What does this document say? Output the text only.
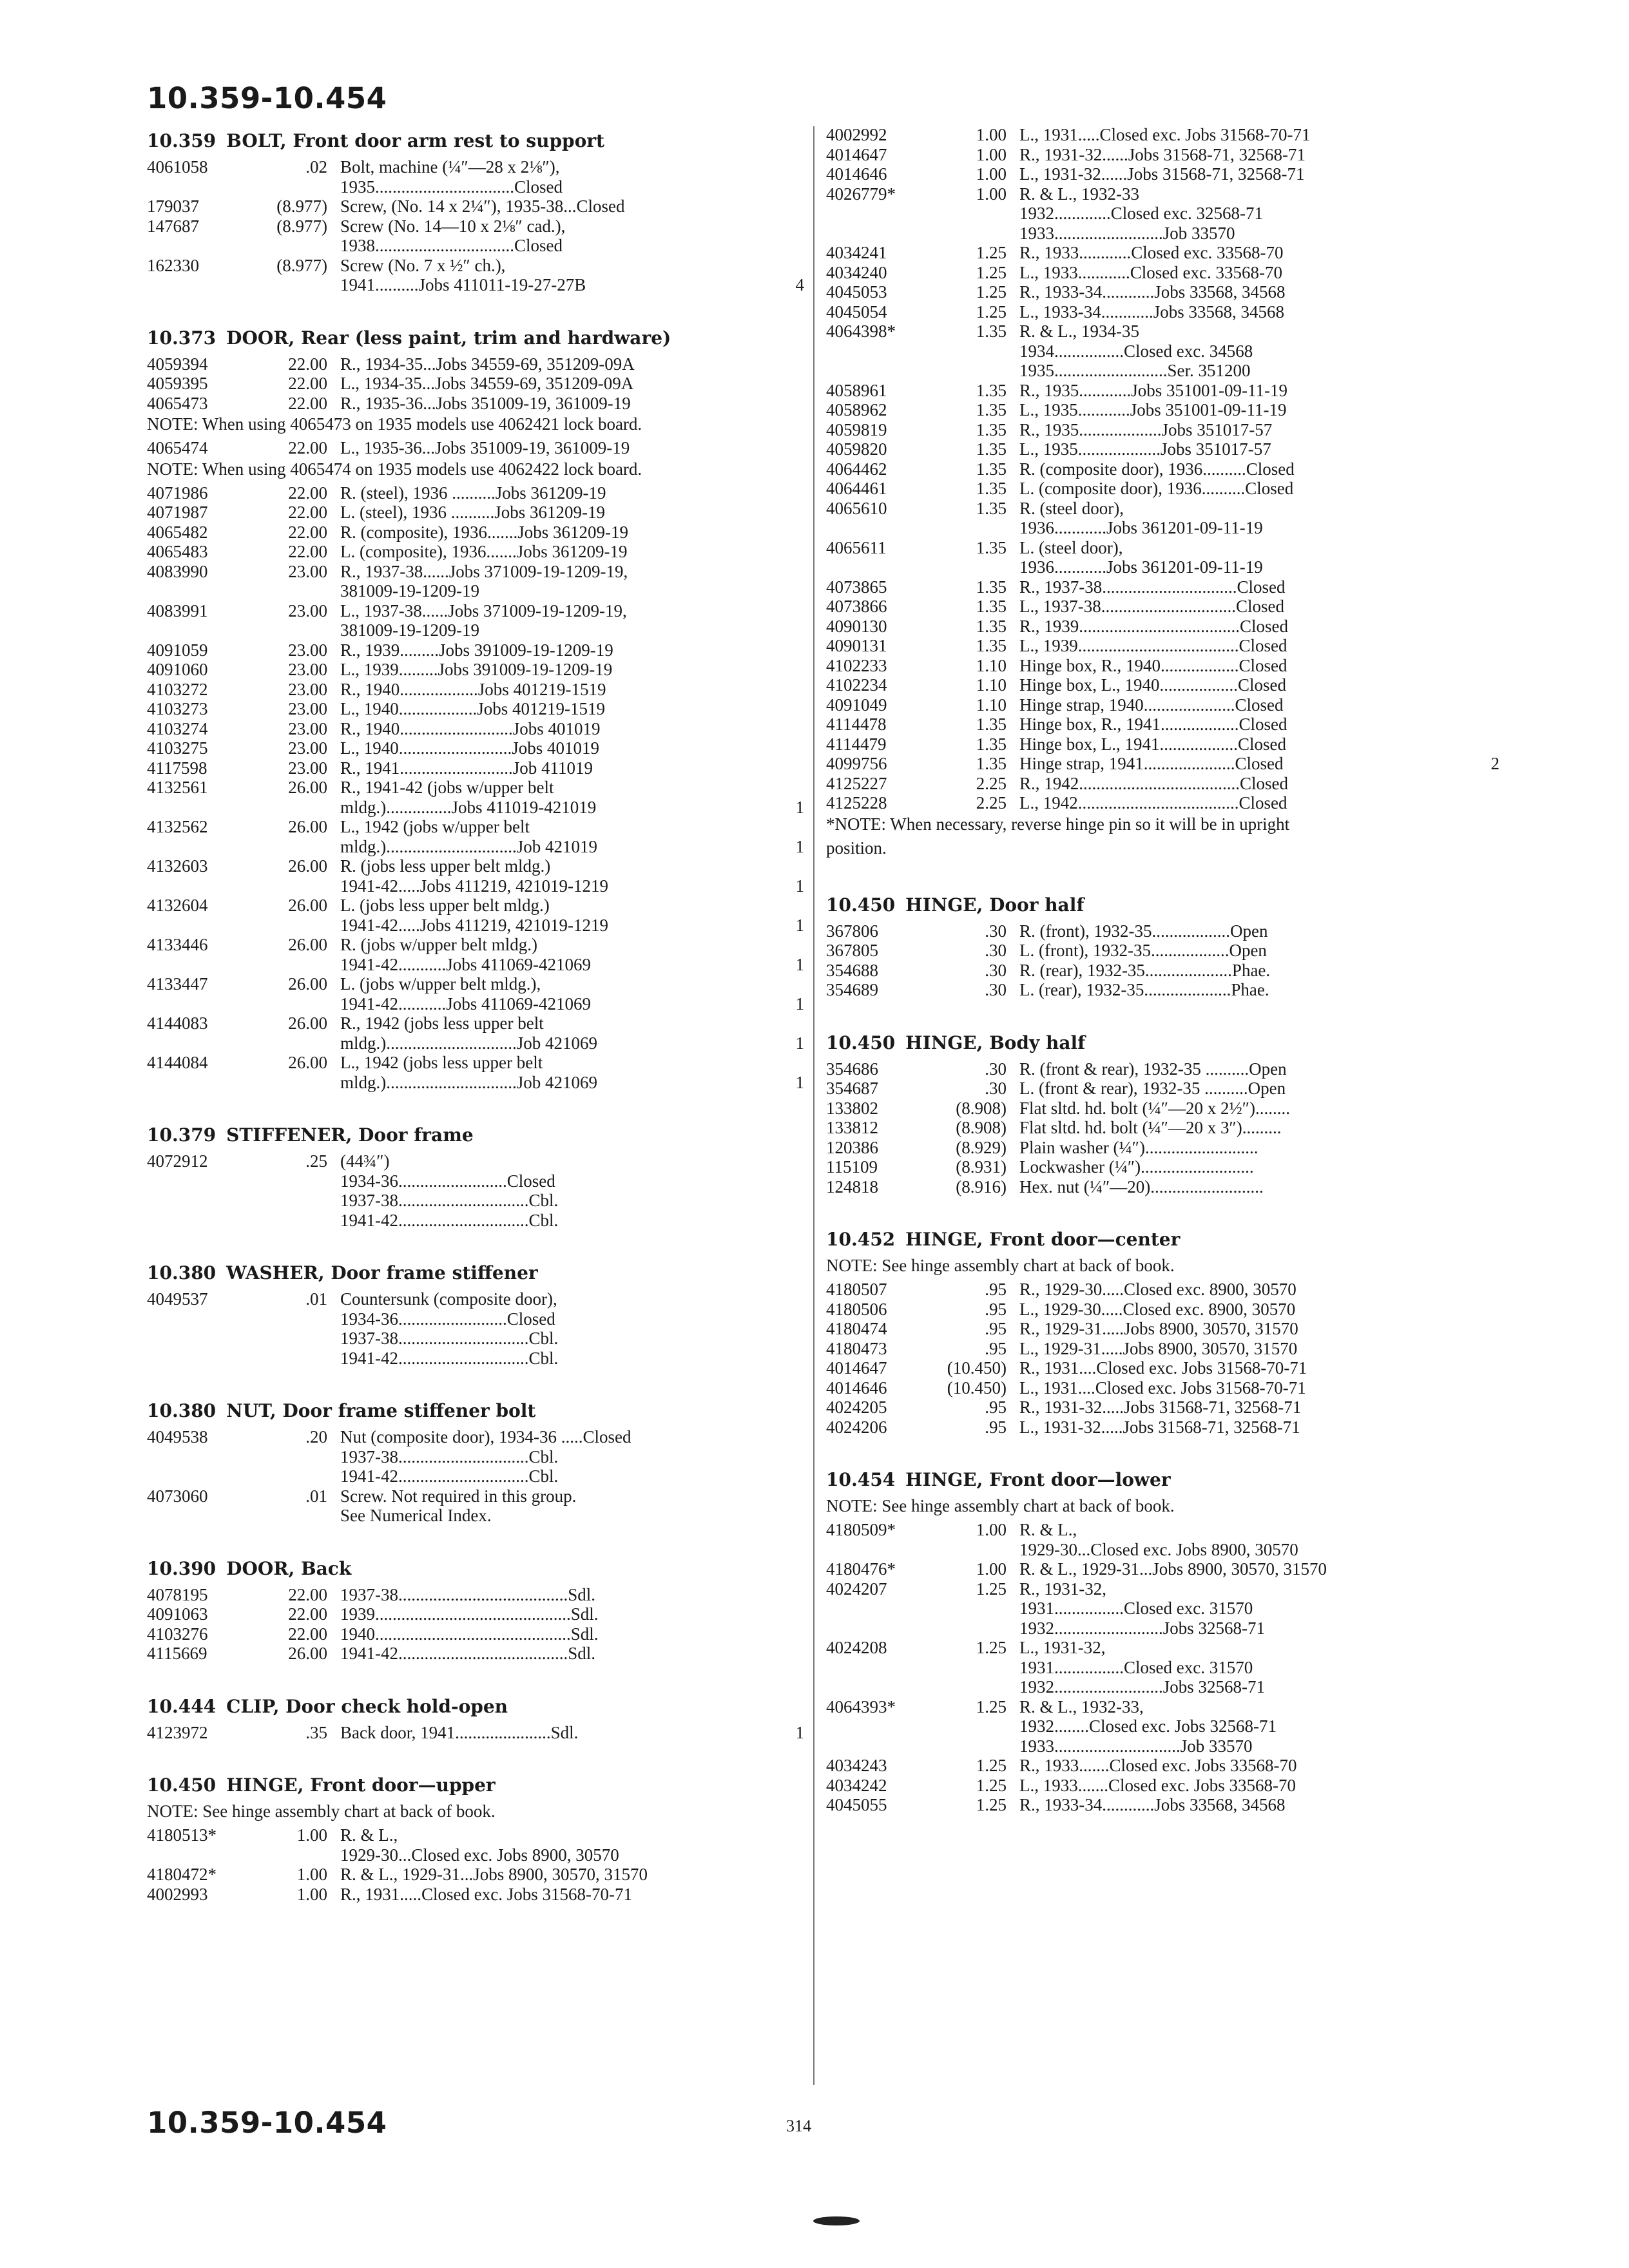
10.359-10.454
10.359 BOLT, Front door arm rest to support
4061058	.02 Bolt, machine (¼″—28 x 2⅛″),
1935................................Closed
179037	(8.977) Screw, (No. 14 x 2¼″), 1935-38...Closed
147687	(8.977) Screw (No. 14—10 x 2⅛″ cad.),
1938................................Closed
162330	(8.977) Screw (No. 7 x ½″ ch.),
1941..........Jobs 411011-19-27-27B	4
10.373 DOOR, Rear (less paint, trim and hardware)
4059394	22.00 R., 1934-35...Jobs 34559-69, 351209-09A
4059395	22.00 L., 1934-35...Jobs 34559-69, 351209-09A
4065473	22.00 R., 1935-36...Jobs 351009-19, 361009-19
NOTE: When using 4065473 on 1935 models use 4062421 lock board.
4065474	22.00 L., 1935-36...Jobs 351009-19, 361009-19
NOTE: When using 4065474 on 1935 models use 4062422 lock board.
4071986	22.00 R. (steel), 1936 ..........Jobs 361209-19
4071987	22.00 L. (steel), 1936 ..........Jobs 361209-19
4065482	22.00 R. (composite), 1936.......Jobs 361209-19
4065483	22.00 L. (composite), 1936.......Jobs 361209-19
4083990	23.00 R., 1937-38......Jobs 371009-19-1209-19,
381009-19-1209-19
4083991	23.00 L., 1937-38......Jobs 371009-19-1209-19,
381009-19-1209-19
4091059	23.00 R., 1939.........Jobs 391009-19-1209-19
4091060	23.00 L., 1939.........Jobs 391009-19-1209-19
4103272	23.00 R., 1940..................Jobs 401219-1519
4103273	23.00 L., 1940..................Jobs 401219-1519
4103274	23.00 R., 1940..........................Jobs 401019
4103275	23.00 L., 1940..........................Jobs 401019
4117598	23.00 R., 1941..........................Job 411019
4132561	26.00 R., 1941-42 (jobs w/upper belt
mldg.)...............Jobs 411019-421019	1
4132562	26.00 L., 1942 (jobs w/upper belt
mldg.)..............................Job 421019	1
4132603	26.00 R. (jobs less upper belt mldg.)
1941-42.....Jobs 411219, 421019-1219	1
4132604	26.00 L. (jobs less upper belt mldg.)
1941-42.....Jobs 411219, 421019-1219	1
4133446	26.00 R. (jobs w/upper belt mldg.)
1941-42...........Jobs 411069-421069	1
4133447	26.00 L. (jobs w/upper belt mldg.),
1941-42...........Jobs 411069-421069	1
4144083	26.00 R., 1942 (jobs less upper belt
mldg.)..............................Job 421069	1
4144084	26.00 L., 1942 (jobs less upper belt
mldg.)..............................Job 421069	1
10.379 STIFFENER, Door frame
4072912	.25 (44¾″)
1934-36.........................Closed
1937-38..............................Cbl.
1941-42..............................Cbl.
10.380 WASHER, Door frame stiffener
4049537	.01 Countersunk (composite door),
1934-36.........................Closed
1937-38..............................Cbl.
1941-42..............................Cbl.
10.380 NUT, Door frame stiffener bolt
4049538	.20 Nut (composite door), 1934-36 .....Closed
1937-38..............................Cbl.
1941-42..............................Cbl.
4073060	.01 Screw. Not required in this group.
See Numerical Index.
10.390 DOOR, Back
4078195	22.00 1937-38.......................................Sdl.
4091063	22.00 1939.............................................Sdl.
4103276	22.00 1940.............................................Sdl.
4115669	26.00 1941-42.......................................Sdl.
10.444 CLIP, Door check hold-open
4123972	.35 Back door, 1941......................Sdl.	1
10.450 HINGE, Front door—upper
NOTE: See hinge assembly chart at back of book.
4180513*	1.00 R. & L.,
1929-30...Closed exc. Jobs 8900, 30570
4180472*	1.00 R. & L., 1929-31...Jobs 8900, 30570, 31570
4002993	1.00 R., 1931.....Closed exc. Jobs 31568-70-71
4002992	1.00 L., 1931.....Closed exc. Jobs 31568-70-71
4014647	1.00 R., 1931-32......Jobs 31568-71, 32568-71
4014646	1.00 L., 1931-32......Jobs 31568-71, 32568-71
4026779*	1.00 R. & L., 1932-33
1932.............Closed exc. 32568-71
1933.........................Job 33570
4034241	1.25 R., 1933............Closed exc. 33568-70
4034240	1.25 L., 1933............Closed exc. 33568-70
4045053	1.25 R., 1933-34............Jobs 33568, 34568
4045054	1.25 L., 1933-34............Jobs 33568, 34568
4064398*	1.35 R. & L., 1934-35
1934................Closed exc. 34568
1935..........................Ser. 351200
4058961	1.35 R., 1935............Jobs 351001-09-11-19
4058962	1.35 L., 1935............Jobs 351001-09-11-19
4059819	1.35 R., 1935...................Jobs 351017-57
4059820	1.35 L., 1935...................Jobs 351017-57
4064462	1.35 R. (composite door), 1936..........Closed
4064461	1.35 L. (composite door), 1936..........Closed
4065610	1.35 R. (steel door),
1936............Jobs 361201-09-11-19
4065611	1.35 L. (steel door),
1936............Jobs 361201-09-11-19
4073865	1.35 R., 1937-38...............................Closed
4073866	1.35 L., 1937-38...............................Closed
4090130	1.35 R., 1939.....................................Closed
4090131	1.35 L., 1939.....................................Closed
4102233	1.10 Hinge box, R., 1940..................Closed
4102234	1.10 Hinge box, L., 1940..................Closed
4091049	1.10 Hinge strap, 1940.....................Closed
4114478	1.35 Hinge box, R., 1941..................Closed
4114479	1.35 Hinge box, L., 1941..................Closed
4099756	1.35 Hinge strap, 1941.....................Closed	2
4125227	2.25 R., 1942.....................................Closed
4125228	2.25 L., 1942.....................................Closed
*NOTE: When necessary, reverse hinge pin so it will be in upright
position.
10.450 HINGE, Door half
367806	.30 R. (front), 1932-35..................Open
367805	.30 L. (front), 1932-35..................Open
354688	.30 R. (rear), 1932-35....................Phae.
354689	.30 L. (rear), 1932-35....................Phae.
10.450 HINGE, Body half
354686	.30 R. (front & rear), 1932-35 ..........Open
354687	.30 L. (front & rear), 1932-35 ..........Open
133802	(8.908) Flat sltd. hd. bolt (¼″—20 x 2½″)........
133812	(8.908) Flat sltd. hd. bolt (¼″—20 x 3″).........
120386	(8.929) Plain washer (¼″)..........................
115109	(8.931) Lockwasher (¼″)..........................
124818	(8.916) Hex. nut (¼″—20)..........................
10.452 HINGE, Front door—center
NOTE: See hinge assembly chart at back of book.
4180507	.95 R., 1929-30.....Closed exc. 8900, 30570
4180506	.95 L., 1929-30.....Closed exc. 8900, 30570
4180474	.95 R., 1929-31.....Jobs 8900, 30570, 31570
4180473	.95 L., 1929-31.....Jobs 8900, 30570, 31570
4014647	(10.450) R., 1931....Closed exc. Jobs 31568-70-71
4014646	(10.450) L., 1931....Closed exc. Jobs 31568-70-71
4024205	.95 R., 1931-32.....Jobs 31568-71, 32568-71
4024206	.95 L., 1931-32.....Jobs 31568-71, 32568-71
10.454 HINGE, Front door—lower
NOTE: See hinge assembly chart at back of book.
4180509*	1.00 R. & L.,
1929-30...Closed exc. Jobs 8900, 30570
4180476*	1.00 R. & L., 1929-31...Jobs 8900, 30570, 31570
4024207	1.25 R., 1931-32,
1931................Closed exc. 31570
1932.........................Jobs 32568-71
4024208	1.25 L., 1931-32,
1931................Closed exc. 31570
1932.........................Jobs 32568-71
4064393*	1.25 R. & L., 1932-33,
1932........Closed exc. Jobs 32568-71
1933.............................Job 33570
4034243	1.25 R., 1933.......Closed exc. Jobs 33568-70
4034242	1.25 L., 1933.......Closed exc. Jobs 33568-70
4045055	1.25 R., 1933-34............Jobs 33568, 34568
10.359-10.454	314
